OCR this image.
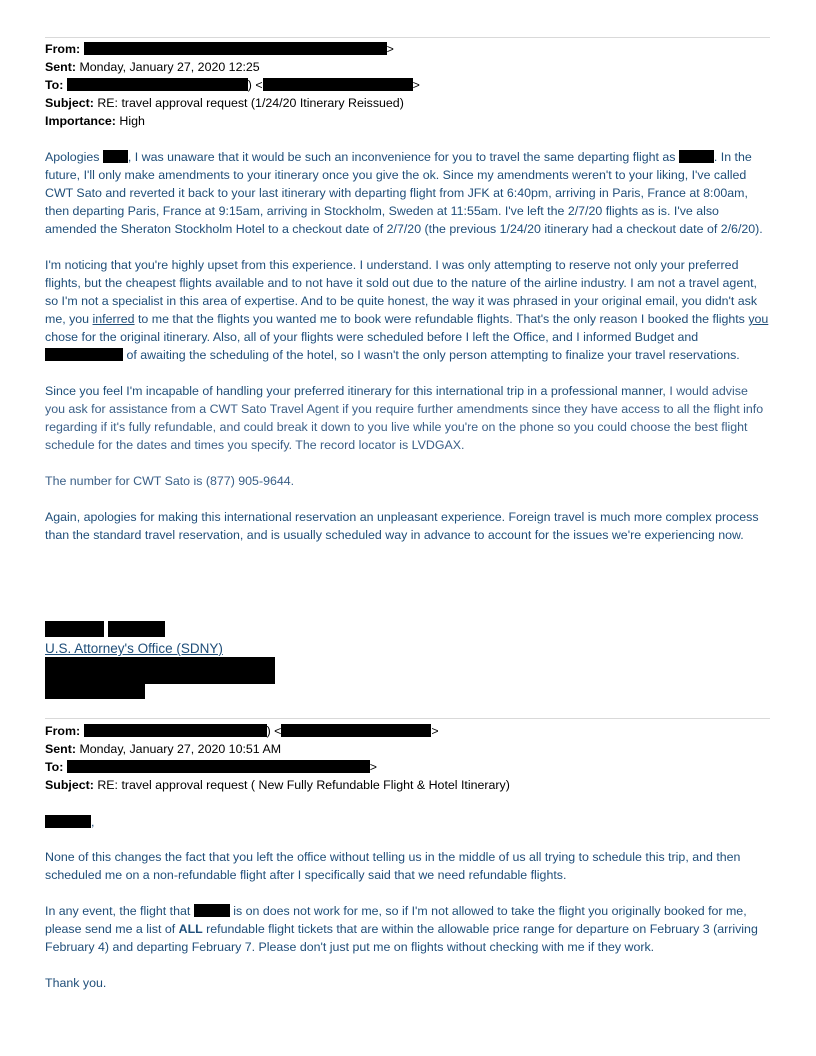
From:	>
Sent: Monday, January 27, 2020 12:25
To:	) <	>
Subject: RE: travel approval request (1/24/20 Itinerary Reissued)
Importance: High

Apologies , I was unaware that it would be such an inconvenience for you to travel the same departing flight as	. In the future, I'll only make amendments to your itinerary once you give the ok. Since my amendments weren't to your liking, I've called CWT Sato and reverted it back to your last itinerary with departing flight from JFK at 6:40pm, arriving in Paris, France at 8:00am, then departing Paris, France at 9:15am, arriving in Stockholm, Sweden at 11:55am. I've left the 2/7/20 flights as is. I've also amended the Sheraton Stockholm Hotel to a checkout date of 2/7/20 (the previous 1/24/20 itinerary had a checkout date of 2/6/20).

I'm noticing that you're highly upset from this experience. I understand. I was only attempting to reserve not only your preferred flights, but the cheapest flights available and to not have it sold out due to the nature of the airline industry. I am not a travel agent, so I'm not a specialist in this area of expertise. And to be quite honest, the way it was phrased in your original email, you didn't ask me, you inferred to me that the flights you wanted me to book were refundable flights. That's the only reason I booked the flights you chose for the original itinerary. Also, all of your flights were scheduled before I left the Office, and I informed Budget and  of awaiting the scheduling of the hotel, so I wasn't the only person attempting to finalize your travel reservations.

Since you feel I'm incapable of handling your preferred itinerary for this international trip in a professional manner, I would advise you ask for assistance from a CWT Sato Travel Agent if you require further amendments since they have access to all the flight info regarding if it's fully refundable, and could break it down to you live while you're on the phone so you could choose the best flight schedule for the dates and times you specify. The record locator is LVDGAX.

The number for CWT Sato is (877) 905-9644.

Again, apologies for making this international reservation an unpleasant experience. Foreign travel is much more complex process than the standard travel reservation, and is usually scheduled way in advance to account for the issues we're experiencing now.

U.S. Attorney's Office (SDNY)
From:	) <	>
Sent: Monday, January 27, 2020 10:51 AM
To:	>
Subject: RE: travel approval request ( New Fully Refundable Flight & Hotel Itinerary)
,

None of this changes the fact that you left the office without telling us in the middle of us all trying to schedule this trip, and then scheduled me on a non-refundable flight after I specifically said that we need refundable flights.

In any event, the flight that	is on does not work for me, so if I'm not allowed to take the flight you originally booked for me, please send me a list of ALL refundable flight tickets that are within the allowable price range for departure on February 3 (arriving February 4) and departing February 7. Please don't just put me on flights without checking with me if they work.

Thank you.
